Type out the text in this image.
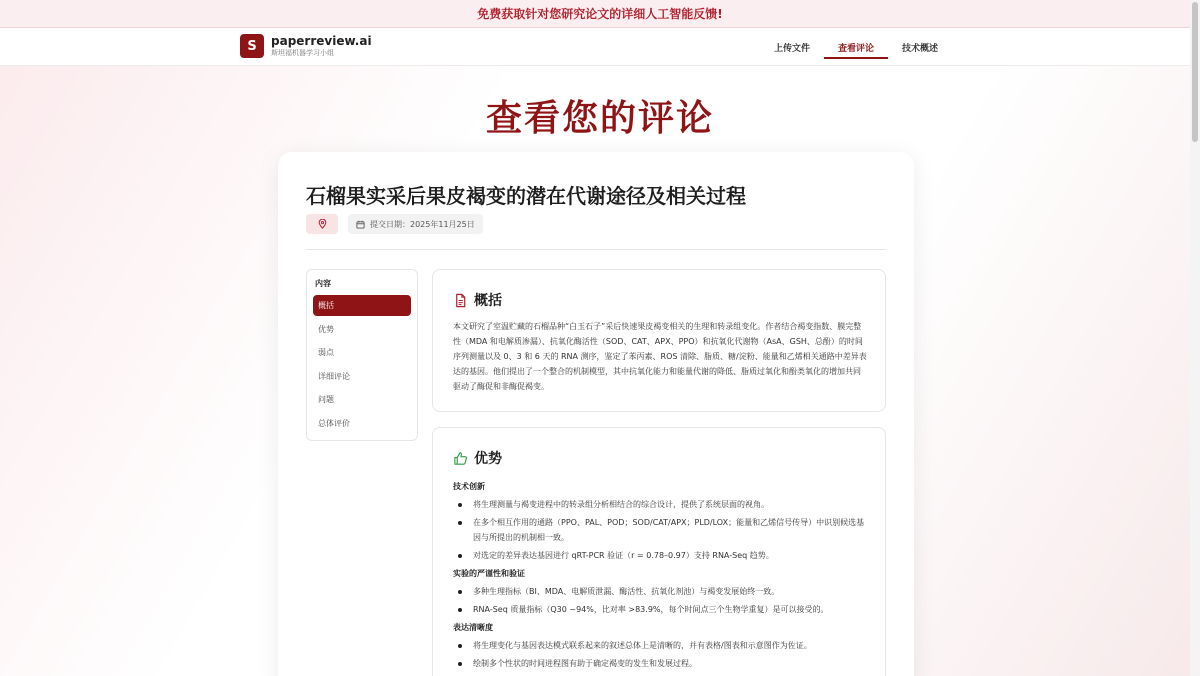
免费获取针对您研究论文的详细人工智能反馈!
S	paperreview.ai
斯坦福机器学习小组	上传文件	查看评论	技术概述
查看您的评论
石榴果实采后果皮褐变的潜在代谢途径及相关过程
提交日期：2025年11月25日
内容
概括
优势
弱点
详细评论
问题
总体评价
概括
本文研究了室温贮藏的石榴品种“白玉石子”采后快速果皮褐变相关的生理和转录组变化。作者结合褐变指数、膜完整性（MDA 和电解质渗漏）、抗氧化酶活性（SOD、CAT、APX、PPO）和抗氧化代谢物（AsA、GSH、总酚）的时间序列测量以及 0、3 和 6 天的 RNA 测序，鉴定了苯丙素、ROS 清除、脂质、糖/淀粉、能量和乙烯相关通路中差异表达的基因。他们提出了一个整合的机制模型，其中抗氧化能力和能量代谢的降低、脂质过氧化和酚类氧化的增加共同驱动了酶促和非酶促褐变。
优势
技术创新
将生理测量与褐变进程中的转录组分析相结合的综合设计，提供了系统层面的视角。
在多个相互作用的通路（PPO、PAL、POD；SOD/CAT/APX；PLD/LOX；能量和乙烯信号传导）中识别候选基因与所提出的机制相一致。
对选定的差异表达基因进行 qRT-PCR 验证（r = 0.78–0.97）支持 RNA-Seq 趋势。
实验的严谨性和验证
多种生理指标（BI、MDA、电解质泄漏、酶活性、抗氧化剂池）与褐变发展始终一致。
RNA-Seq 质量指标（Q30 ~94%，比对率 >83.9%，每个时间点三个生物学重复）是可以接受的。
表达清晰度
将生理变化与基因表达模式联系起来的叙述总体上是清晰的，并有表格/图表和示意图作为佐证。
绘制多个性状的时间进程图有助于确定褐变的发生和发展过程。
